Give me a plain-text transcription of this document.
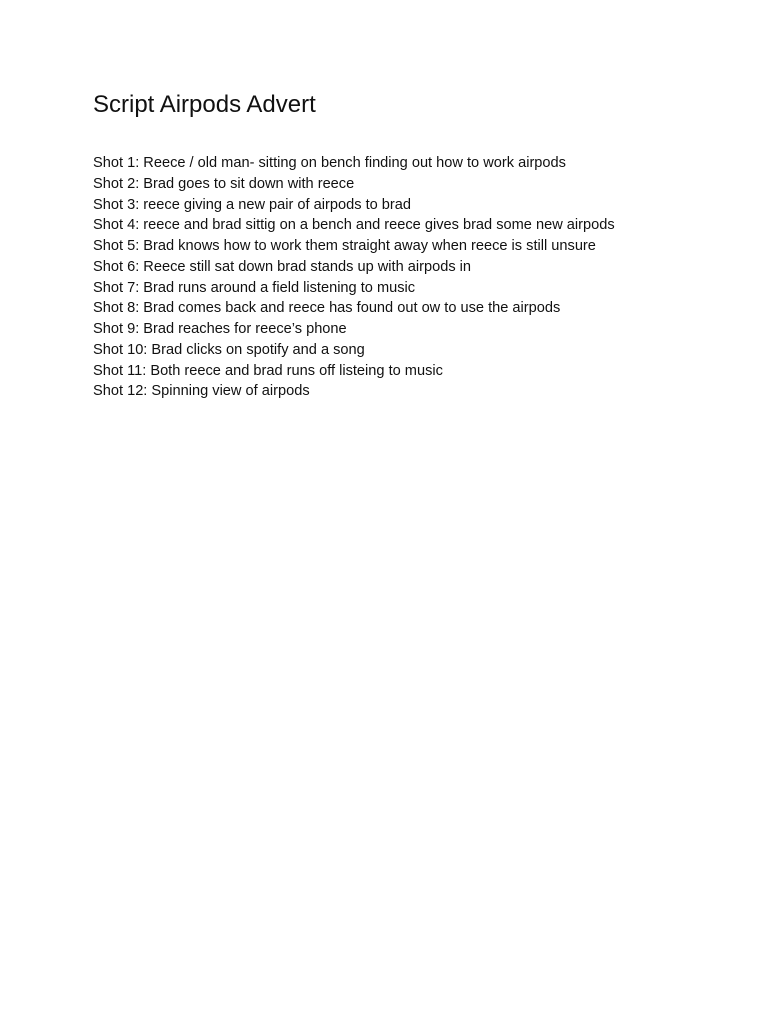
Script Airpods Advert
Shot 1: Reece / old man- sitting on bench finding out how to work airpods
Shot 2: Brad goes to sit down with reece
Shot 3: reece giving a new pair of airpods to brad
Shot 4: reece and brad sittig on a bench and reece gives brad some new airpods
Shot 5: Brad knows how to work them straight away when reece is still unsure
Shot 6: Reece still sat down brad stands up with airpods in
Shot 7: Brad runs around a field listening to music
Shot 8: Brad comes back and reece has found out ow to use the airpods
Shot 9: Brad reaches for reece’s phone
Shot 10: Brad clicks on spotify and a song
Shot 11: Both reece and brad runs off listeing to music
Shot 12: Spinning view of airpods
